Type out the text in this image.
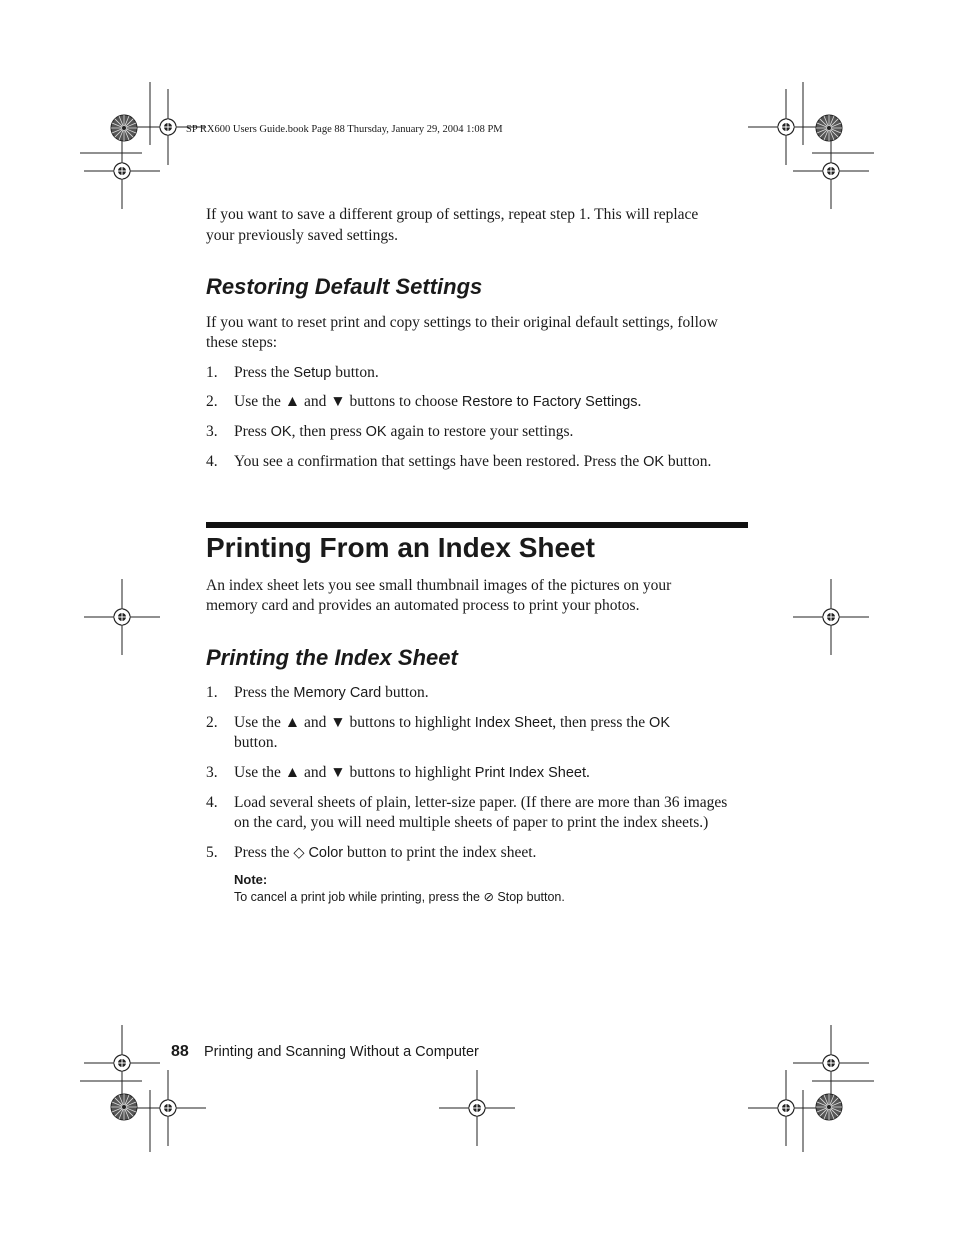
SP RX600 Users Guide.book Page 88 Thursday, January 29, 2004 1:08 PM
If you want to save a different group of settings, repeat step 1. This will replace
your previously saved settings.
Restoring Default Settings
If you want to reset print and copy settings to their original default settings, follow
these steps:
1. Press the Setup button.
2. Use the ▲ and ▼ buttons to choose Restore to Factory Settings.
3. Press OK, then press OK again to restore your settings.
4. You see a confirmation that settings have been restored. Press the OK button.
Printing From an Index Sheet
An index sheet lets you see small thumbnail images of the pictures on your
memory card and provides an automated process to print your photos.
Printing the Index Sheet
1. Press the Memory Card button.
2. Use the ▲ and ▼ buttons to highlight Index Sheet, then press the OK
button.
3. Use the ▲ and ▼ buttons to highlight Print Index Sheet.
4. Load several sheets of plain, letter-size paper. (If there are more than 36 images
on the card, you will need multiple sheets of paper to print the index sheets.)
5. Press the ◇ Color button to print the index sheet.
Note:
To cancel a print job while printing, press the ⊘ Stop button.
88 Printing and Scanning Without a Computer
